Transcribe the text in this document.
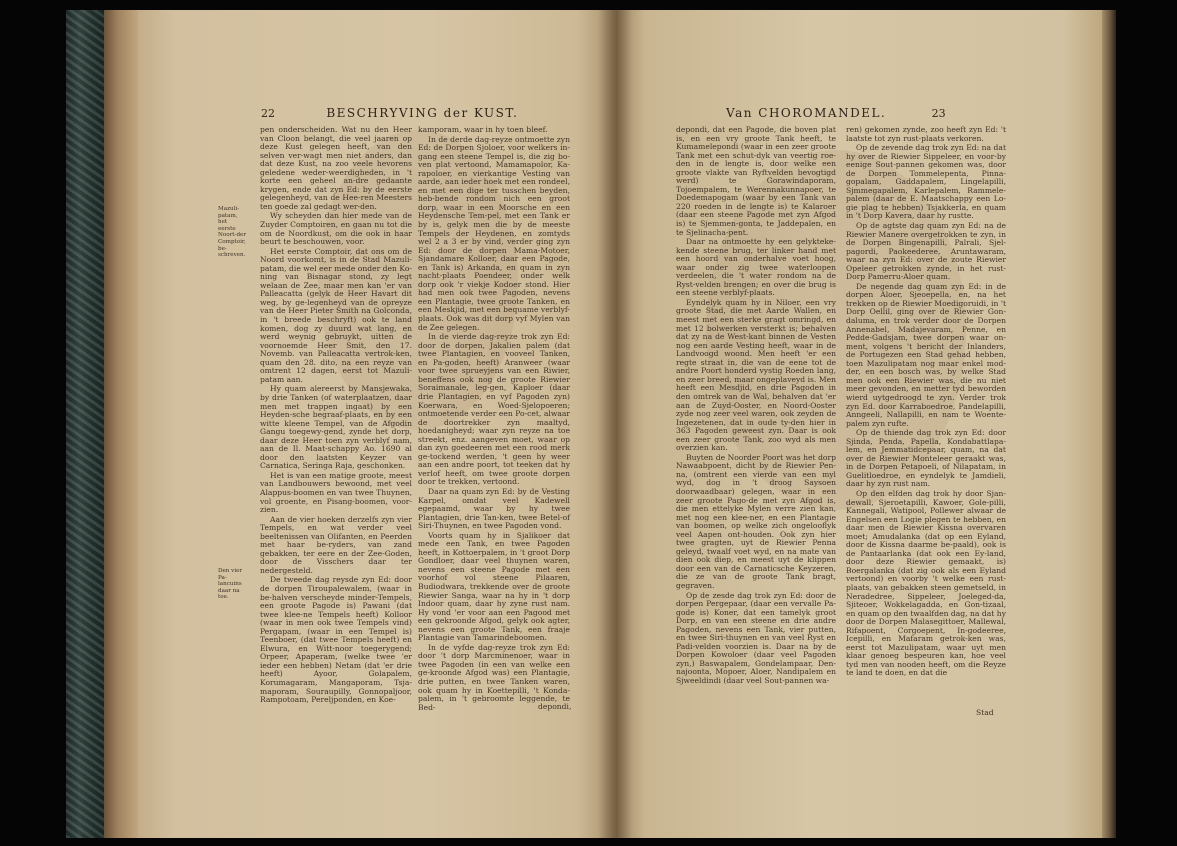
22	BESCHRYVING der KUST.
Mazuli-patam, het eerste Noort-der Comptoir, be-schreven.
Den vier Pa-lancuins daar na toe.

pen onderscheiden. Wat nu den Heer van Cloon belangt, die veel jaaren op deze Kust gelegen heeft, van den selven ver-wagt men niet anders, dan dat deze Kust, na zoo veele hevorens geledene weder-weerdigheden, in 't korte een geheel an-dre gedaante krygen, ende dat zyn Ed: by de eerste gelegenheyd, van de Hee-ren Meesters ten goede zal gedagt wer-den.

Wy scheyden dan hier mede van de Zuyder Comptoiren, en gaan nu tot die om de Noordkust, om die ook in haar beurt te beschouwen, voor.

Het eerste Comptoir, dat ons om de Noord voorkomt, is in de Stad Mazuli-patam, die wel eer mede onder den Ko-ning van Bisnagar stond, zy legt welaan de Zee, maar men kan 'er van Palleacatta (gelyk de Heer Havart dit weg, by ge-legenheyd van de opreyze van de Heer Pieter Smith na Golconda, in 't breede beschryft) ook te land komen, dog zy duurd wat lang, en werd weynig gebruykt, uitten de voornoemde Heer Smit, den 17. Novemb. van Palleacatta vertrok-ken, quam den 28. dito, na een reyze van omtrent 12 dagen, eerst tot Mazuli-patam aan.

Hy quam alereerst by Mansjewaka, by drie Tanken (of waterplaatzen, daar men met trappen ingaat) by een Heyden-sche begraaf-plaats, en by een witte kleene Tempel, van de Afgodin Gangu toegewy-gend, zynde het dorp, daar deze Heer toen zyn verblyf nam, aan de Il. Maat-schappy Ao. 1690 al door den laatsten Keyzer van Carnatica, Seringa Raja, geschonken.

Het is van een matige groote, meest van Landbouwers bewoond, met veel Alappus-boomen en van twee Thuynen, vol groente, en Pisang-boomen, voor-zien.

Aan de vier hoeken derzelfs zyn vier Tempels, en wat verder veel beeltenissen van Olifanten, en Peerden met haar be-ryders, van zand gebakken, ter eere en der Zee-Goden, door de Visschers daar ter nedergesteld.

De tweede dag reysde zyn Ed: door de dorpen Tiroupalewalem, (waar in be-halven verscheyde minder-Tempels, een groote Pagode is) Pawani (dat twee klee-ne Tempels heeft) Kolloor (waar in men ook twee Tempels vind) Pergapam, (waar in een Tempel is) Teenboer, (dat twee Tempels heeft) en Elwura, en Witt-noor toegerygend; Orpeer, Apaperam, (welke twee 'er ieder een hebben) Netam (dat 'er drie heeft) Ayoor, Golapalem, Korumagaram, Mangaporam, Tsja-maporam, Souraupilly, Gonnopaljoor, Rampotoam, Pereljponden, en Koe-

kamporam, waar in hy toen bleef.

In de derde dag-reyze ontmoette zyn Ed: de Dorpen Sjoloer, voor welkers in-gang een steene Tempel is, die zig bo-ven plat vertoond, Mamamapolor, Ka-rapoloer, en vierkantige Vesting van aarde, aan ieder hoek met een rondeel, en met een dige ter tusschen beyden, heb-bende rondom nich een groot dorp, waar in een Moorsche en een Heydensche Tem-pel, met een Tank er by is, gelyk men die by de meeste Tempels der Heydenen, en zomtyds wel 2 a 3 er by vind, verder ging zyn Ed: door de dorpen Mama-Motoer, Sjandamare Kolloer, daar een Pagode, en Tank is) Arkanda, en quam in zyn nacht-plaats Poendeer, onder welk dorp ook 'r viekje Kodoer stond. Hier had men ook twee Pagoden, nevens een Plantagie, twee groote Tanken, en een Meskjid, met een bequame verblyf-plaats. Ook was dit dorp vyf Mylen van de Zee gelegen.

In de vierde dag-reyze trok zyn Ed: door de dorpen, Jakalien palem (dat twee Plantagien, en vooveel Tanken, en Pa-goden, heeft) Aranweer (waar voor twee sprueyjens van een Riwier, beneffens ook nog de groote Riewier Soraimanale, leg-gen, Kaploer (daar drie Plantagien, en vyf Pagoden zyn) Koerwara, en Woed-Sjelopoeren; ontmoetende verder een Po-cet, alwaar de doortrekker zyn maaltyd, hoedanigheyd; waar zyn reyze na toe streekt, enz. aangeven moet, waar op dan zyn goedeeren met een rood merk ge-tockend werden, 't geen hy weer aan een andre poort, tot teeken dat hy verlof heeft, om twee groote dorpen door te trekken, vertoond.

Daar na quam zyn Ed: by de Vesting Karpel, omdat veel Kadewell egepaamd, waar by hy twee Plantagien, drie Tan-ken, twee Betel-of Siri-Thuynen, en twee Pagoden vond.

Voorts quam hy in Sjalikoer dat mede een Tank, en twee Pagoden heeft, in Kottoerpalem, in 't groot Dorp Gondloer, daar veel thuynen waren, nevens een steene Pagode met een voorhof vol steene Pilaaren, Budiodwara, trekkende over de groote Riewier Sanga, waar na hy in 't dorp Indoor quam, daar hy zyne rust nam. Hy vond 'er voor aan een Pagood met een gekroonde Afgod, gelyk ook agter, nevens een groote Tank, een fraaje Plantagie van Tamarindeboomen.

In de vyfde dag-reyze trok zyn Ed: door 't dorp Marcminenoer, waar in twee Pagoden (in een van welke een ge-kroonde Afgod was) een Plantagie, drie putten, en twee Tanken waren, ook quam hy in Koettepilli, 't Konda-palem, in 't gebroomte leggende, te Bed-	depondi,
Van CHOROMANDEL.	23

depondi, dat een Pagode, die boven plat is, en een vry groote Tank heeft, te Kumamelepondi (waar in een zeer groote Tank met een schut-dyk van veertig roe-den in de lengte is, door welke een groote vlakte van Ryftvelden bevogtigd werd) te Gorawindaporam, Tojoempalem, te Werennakunnapoer, te Doedemapogam (waar by een Tank van 220 roeden in de lengte is) te Kalaroer (daar een steene Pagode met zyn Afgod is) te Sjemmen-gonta, te Jaddepalen, en te Sjelinacha-pent.

Daar na ontmoette hy een gelykteke-kende steene brug, ter linker hand met een hoord van onderhalve voet hoog, waar onder zig twee waterloopen verdeelen, die 't water rondom na de Ryst-velden brengen; en over die brug is een steene verblyf-plaats.

Eyndelyk quam hy in Niloer, een vry groote Stad, die met Aarde Wallen, en meest met een sterke gragt omringd, en met 12 bolwerken versterkt is; behalven dat zy na de West-kant binnen de Vesten nog een aarde Vesting heeft, waar in de Landvoogd woond. Men heeft 'er een regte straat in, die van de eene tot de andre Poort honderd vystig Roeden lang, en zeer breed, maar ongeplaveyd is. Men heeft een Mesdjid, en drie Pagoden in den omtrek van de Wal, behalven dat 'er aan de Zuyd-Ooster, en Noord-Ooster zyde nog zeer veel waren, ook zeyden de Ingezetenen, dat in oude ty-den hier in 363 Pagoden geweest zyn. Daar is ook een zeer groote Tank, zoo wyd als men overzien kan.

Buyten de Noorder Poort was het dorp Nawaabpoent, dicht by de Riewier Pen-na, (omtrent een vierde van een myl wyd, dog in 't droog Saysoen doorwaadbaar) gelegen, waar in een zeer groote Pago-de met zyn Afgod is, die men ettelyke Mylen verre zien kan, met nog een klee-ner, en een Plantagie van boomen, op welke zich ongelooflyk veel Aapen ont-houden. Ook zyn hier twee gragten, uyt de Riewier Penna geleyd, twaalf voet wyd, en na mate van dien ook diep, en meest uyt de klippen door een van de Carnaticsche Keyzeren, die ze van de groote Tank bragt, gegraven.

Op de zesde dag trok zyn Ed: door de dorpen Pergepaar, (daar een vervalle Pa-gode is) Koner, dat een tamelyk groot Dorp, en van een steene en drie andre Pagoden, nevens een Tank, vier putten, en twee Siri-thuynen en van veel Ryst en Padi-velden voorzien is. Daar na by de Dorpen Kowoloer (daar veel Pagoden zyn,) Baswapalem, Gondelampaar, Den-najoonta, Mopoer, Aloer, Nandipalem en Sjweeldindi (daar veel Sout-pannen wa-

ren) gekomen zynde, zoo heeft zyn Ed: 't laatste tot zyn rust-plaats verkoren.

Op de zevende dag trok zyn Ed: na dat hy over de Riewier Sippeleer, en voor-by eenige Sout-pannen gekomen was, door de Dorpen Tommelepenta, Pinna-gopalam, Gaddapalem, Lingelapilli, Sjmmegapalem, Karlepalem, Rammele-palem (daar de E. Maatschappy een Lo-gie plag te hebben) Tsjakkerla, en quam in 't Dorp Kavera, daar hy rustte.

Op de agtste dag quam zyn Ed: na de Riewier Manere overgetrokken te zyn, in de Dorpen Bingenapilli, Palrali, Sjel-pagordi, Paokeederee, Aruntawaram, waar na zyn Ed: over de zoute Riewier Opeleer getrokken zynde, in het rust-Dorp Pamerru-Aloer quam.

De negende dag quam zyn Ed: in de dorpen Aloer, Sjeoepella, en, na het trekken op de Riewier Moedigoruidi, in 't Dorp Oellil, ging over de Riewier Gon-daluma, en trok verder door de Dorpen Annenabel, Madajevaram, Penne, en Pedde-Gadsjam, twee dorpen waar on-ment, volgens 't bericht der Inlanders, de Portugezen een Stad gehad hebben, toen Mazulipatam nog maar enkel mod-der, en een bosch was, by welke Stad men ook een Riewier was, die nu niet meer gevonden, en metter tyd beworden wierd uytgedroogd te zyn. Verder trok zyn Ed. door Karraboedroe, Pandelapilli, Anngeeli, Nallapilli, en nam te Woente-palem zyn rufte.

Op de thiende dag trok zyn Ed: door Sjinda, Penda, Papella, Kondabattlapa-lem, en Jemmatidcepaar, quam, na dat over de Riewier Monteleer geraakt was, in de Dorpen Petapoeli, of Nilapatam, in Guelitloedroe, en eyndelyk te Jamdieli, daar hy zyn rust nam.

Op den elfden dag trok hy door Sjan-dewall, Sjeroetapilli, Kawoer, Gole-pilli, Kannegali, Watipool, Pollewer alwaar de Engelsen een Logie plegen te hebben, en daar men de Riewier Kissna overvaren moet; Amudalanka (dat op een Eyland, door de Kissna daarme be-paald), ook is de Pantaarlanka (dat ook een Ey-land, door deze Riewier gemaakt, is) Boergalanka (dat zig ook als een Eyland vertoond) en voorby 't welke een rust-plaats, van gebakken steen gemetseld, in Neradedree, Sippeleer, Joeleged-da, Sjiteoer, Wokkelagadda, en Gon-tizaal, en quam op den twaalfden dag, na dat hy door de Dorpen Malasegittoer, Mallewal, Rifapoent, Corgoepent, In-godeeree, Icepilli, en Mafaram getrok-ken was, eerst tot Mazulipatam, waar uyt men klaar genoeg bespeuren kan, hoe veel tyd men van nooden heeft, om die Reyze te land te doen, en dat die

Stad
